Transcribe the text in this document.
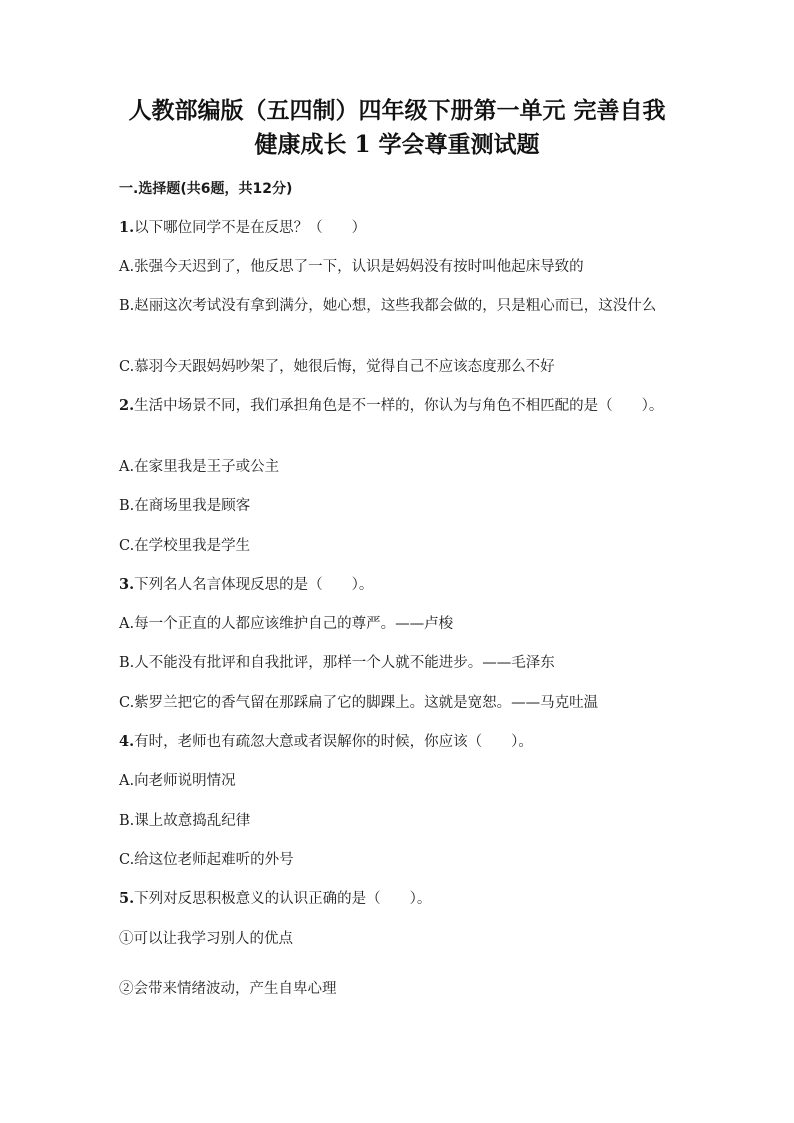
人教部编版（五四制）四年级下册第一单元 完善自我 健康成长 1 学会尊重测试题
一.选择题(共6题，共12分)
1.以下哪位同学不是在反思？（　　）
A.张强今天迟到了，他反思了一下，认识是妈妈没有按时叫他起床导致的
B.赵丽这次考试没有拿到满分，她心想，这些我都会做的，只是粗心而已，这没什么
C.慕羽今天跟妈妈吵架了，她很后悔，觉得自己不应该态度那么不好
2.生活中场景不同，我们承担角色是不一样的，你认为与角色不相匹配的是（　　）。
A.在家里我是王子或公主
B.在商场里我是顾客
C.在学校里我是学生
3.下列名人名言体现反思的是（　　）。
A.每一个正直的人都应该维护自己的尊严。——卢梭
B.人不能没有批评和自我批评，那样一个人就不能进步。——毛泽东
C.紫罗兰把它的香气留在那踩扁了它的脚踝上。这就是宽恕。——马克吐温
4.有时，老师也有疏忽大意或者误解你的时候，你应该（　　）。
A.向老师说明情况
B.课上故意捣乱纪律
C.给这位老师起难听的外号
5.下列对反思积极意义的认识正确的是（　　）。
①可以让我学习别人的优点
②会带来情绪波动，产生自卑心理
